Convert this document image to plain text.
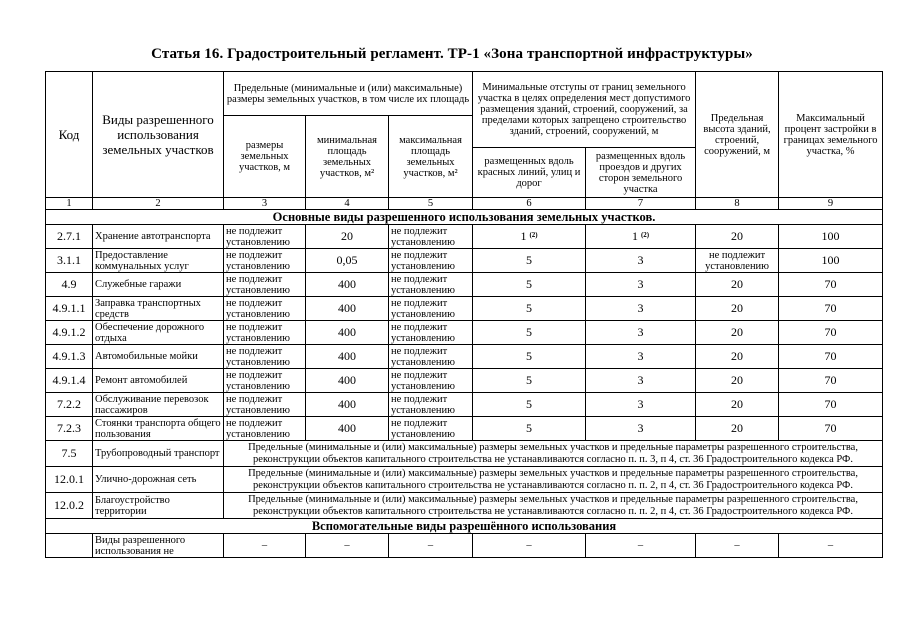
Статья 16. Градостроительный регламент. ТР-1 «Зона транспортной инфраструктуры»
Код	Виды разрешенного использования земельных участков	Предельные (минимальные и (или) максимальные) размеры земельных участков, в том числе их площадь			Минимальные отступы от границ земельного участка в целях определения мест допустимого размещения зданий, строений, сооружений, за пределами которых запрещено строительство зданий, строений, сооружений, м		Предельная высота зданий, строений, сооружений, м	Максимальный процент застройки в границах земельного участка, %
		размеры земельных участков, м	минимальная площадь земельных участков, м²	максимальная площадь земельных участков, м²				
					размещенных вдоль красных линий, улиц и дорог	размещенных вдоль проездов и других сторон земельного участка		
1	2	3	4	5	6	7	8	9
Основные виды разрешенного использования земельных участков.								
2.7.1	Хранение автотранспорта	не подлежит установлению	20	не подлежит установлению	1 $^{(2)}$	1 $^{(2)}$	20	100
3.1.1	Предоставление коммунальных услуг	не подлежит установлению	0,05	не подлежит установлению	5	3	не подлежит установлению	100
4.9	Служебные гаражи	не подлежит установлению	400	не подлежит установлению	5	3	20	70
4.9.1.1	Заправка транспортных средств	не подлежит установлению	400	не подлежит установлению	5	3	20	70
4.9.1.2	Обеспечение дорожного отдыха	не подлежит установлению	400	не подлежит установлению	5	3	20	70
4.9.1.3	Автомобильные мойки	не подлежит установлению	400	не подлежит установлению	5	3	20	70
4.9.1.4	Ремонт автомобилей	не подлежит установлению	400	не подлежит установлению	5	3	20	70
7.2.2	Обслуживание перевозок пассажиров	не подлежит установлению	400	не подлежит установлению	5	3	20	70
7.2.3	Стоянки транспорта общего пользования	не подлежит установлению	400	не подлежит установлению	5	3	20	70
7.5	Трубопроводный транспорт	Предельные (минимальные и (или) максимальные) размеры земельных участков и предельные параметры разрешенного строительства, реконструкции объектов капитального строительства не устанавливаются согласно п. п. 3, п 4, ст. 36 Градостроительного кодекса РФ.						
12.0.1	Улично-дорожная сеть	Предельные (минимальные и (или) максимальные) размеры земельных участков и предельные параметры разрешенного строительства, реконструкции объектов капитального строительства не устанавливаются согласно п. п. 2, п 4, ст. 36 Градостроительного кодекса РФ.						
12.0.2	Благоустройство территории	Предельные (минимальные и (или) максимальные) размеры земельных участков и предельные параметры разрешенного строительства, реконструкции объектов капитального строительства не устанавливаются согласно п. п. 2, п 4, ст. 36 Градостроительного кодекса РФ.						
Вспомогательные виды разрешённого использования								
	Виды разрешенного использования не	–	–	–	–	–	–	–
